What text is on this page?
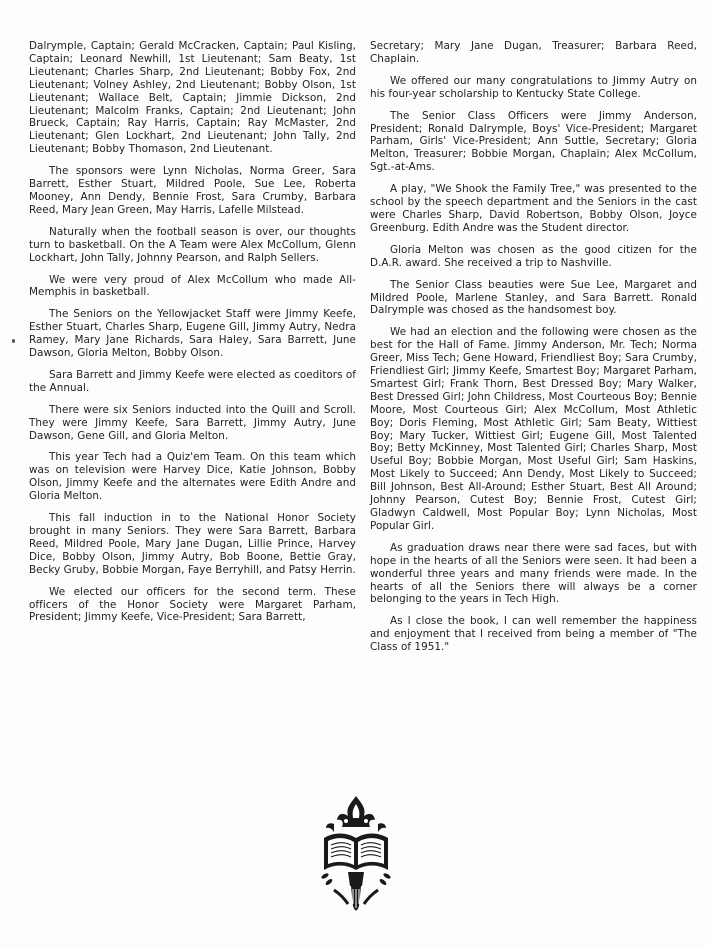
Dalrymple, Captain; Gerald McCracken, Captain; Paul Kisling, Captain; Leonard Newhill, 1st Lieutenant; Sam Beaty, 1st Lieutenant; Charles Sharp, 2nd Lieutenant; Bobby Fox, 2nd Lieutenant; Volney Ashley, 2nd Lieutenant; Bobby Olson, 1st Lieutenant; Wallace Belt, Captain; Jimmie Dickson, 2nd Lieutenant; Malcolm Franks, Captain; 2nd Lieutenant; John Brueck, Captain; Ray Harris, Captain; Ray McMaster, 2nd Lieutenant; Glen Lockhart, 2nd Lieutenant; John Tally, 2nd Lieutenant; Bobby Thomason, 2nd Lieutenant.

The sponsors were Lynn Nicholas, Norma Greer, Sara Barrett, Esther Stuart, Mildred Poole, Sue Lee, Roberta Mooney, Ann Dendy, Bennie Frost, Sara Crumby, Barbara Reed, Mary Jean Green, May Harris, Lafelle Milstead.

Naturally when the football season is over, our thoughts turn to basketball. On the A Team were Alex McCollum, Glenn Lockhart, John Tally, Johnny Pearson, and Ralph Sellers.

We were very proud of Alex McCollum who made All-Memphis in basketball.

The Seniors on the Yellowjacket Staff were Jimmy Keefe, Esther Stuart, Charles Sharp, Eugene Gill, Jimmy Autry, Nedra Ramey, Mary Jane Richards, Sara Haley, Sara Barrett, June Dawson, Gloria Melton, Bobby Olson.

Sara Barrett and Jimmy Keefe were elected as coeditors of the Annual.

There were six Seniors inducted into the Quill and Scroll. They were Jimmy Keefe, Sara Barrett, Jimmy Autry, June Dawson, Gene Gill, and Gloria Melton.

This year Tech had a Quiz'em Team. On this team which was on television were Harvey Dice, Katie Johnson, Bobby Olson, Jimmy Keefe and the alternates were Edith Andre and Gloria Melton.

This fall induction in to the National Honor Society brought in many Seniors. They were Sara Barrett, Barbara Reed, Mildred Poole, Mary Jane Dugan, Lillie Prince, Harvey Dice, Bobby Olson, Jimmy Autry, Bob Boone, Bettie Gray, Becky Gruby, Bobbie Morgan, Faye Berryhill, and Patsy Herrin.

We elected our officers for the second term. These officers of the Honor Society were Margaret Parham, President; Jimmy Keefe, Vice-President; Sara Barrett,

Secretary; Mary Jane Dugan, Treasurer; Barbara Reed, Chaplain.

We offered our many congratulations to Jimmy Autry on his four-year scholarship to Kentucky State College.

The Senior Class Officers were Jimmy Anderson, President; Ronald Dalrymple, Boys' Vice-President; Margaret Parham, Girls' Vice-President; Ann Suttle, Secretary; Gloria Melton, Treasurer; Bobbie Morgan, Chaplain; Alex McCollum, Sgt.-at-Ams.

A play, "We Shook the Family Tree," was presented to the school by the speech department and the Seniors in the cast were Charles Sharp, David Robertson, Bobby Olson, Joyce Greenburg. Edith Andre was the Student director.

Gloria Melton was chosen as the good citizen for the D.A.R. award. She received a trip to Nashville.

The Senior Class beauties were Sue Lee, Margaret and Mildred Poole, Marlene Stanley, and Sara Barrett. Ronald Dalrymple was chosed as the handsomest boy.

We had an election and the following were chosen as the best for the Hall of Fame. Jimmy Anderson, Mr. Tech; Norma Greer, Miss Tech; Gene Howard, Friendliest Boy; Sara Crumby, Friendliest Girl; Jimmy Keefe, Smartest Boy; Margaret Parham, Smartest Girl; Frank Thorn, Best Dressed Boy; Mary Walker, Best Dressed Girl; John Childress, Most Courteous Boy; Bennie Moore, Most Courteous Girl; Alex McCollum, Most Athletic Boy; Doris Fleming, Most Athletic Girl; Sam Beaty, Wittiest Boy; Mary Tucker, Wittiest Girl; Eugene Gill, Most Talented Boy; Betty McKinney, Most Talented Girl; Charles Sharp, Most Useful Boy; Bobbie Morgan, Most Useful Girl; Sam Haskins, Most Likely to Succeed; Ann Dendy, Most Likely to Succeed; Bill Johnson, Best All-Around; Esther Stuart, Best All Around; Johnny Pearson, Cutest Boy; Bennie Frost, Cutest Girl; Gladwyn Caldwell, Most Popular Boy; Lynn Nicholas, Most Popular Girl.

As graduation draws near there were sad faces, but with hope in the hearts of all the Seniors were seen. It had been a wonderful three years and many friends were made. In the hearts of all the Seniors there will always be a corner belonging to the years in Tech High.

As I close the book, I can well remember the happiness and enjoyment that I received from being a member of "The Class of 1951."
